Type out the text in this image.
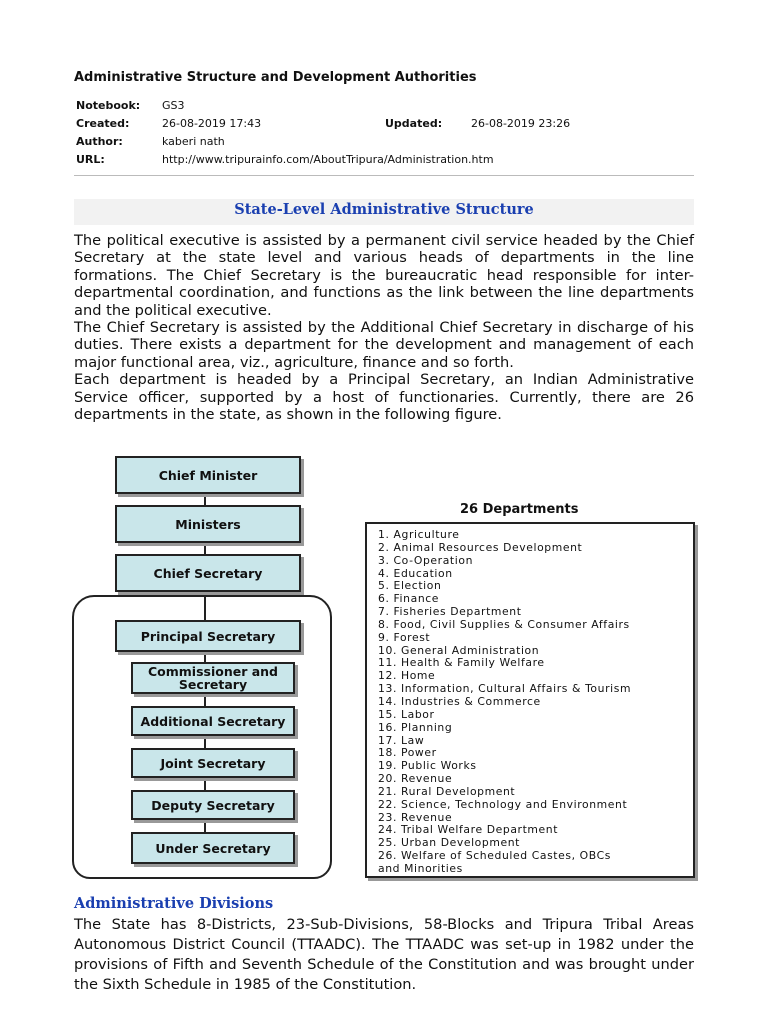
Administrative Structure and Development Authorities
Notebook: GS3
Created:	26-08-2019 17:43	Updated:	26-08-2019 23:26
Author:	kaberi nath
URL:	http://www.tripurainfo.com/AboutTripura/Administration.htm
State-Level Administrative Structure
The political executive is assisted by a permanent civil service headed by the Chief Secretary at the state level and various heads of departments in the line formations. The Chief Secretary is the bureaucratic head responsible for inter-departmental coordination, and functions as the link between the line departments and the political executive.
The Chief Secretary is assisted by the Additional Chief Secretary in discharge of his duties. There exists a department for the development and management of each major functional area, viz., agriculture, finance and so forth.
Each department is headed by a Principal Secretary, an Indian Administrative Service officer, supported by a host of functionaries. Currently, there are 26 departments in the state, as shown in the following figure.
Chief Minister
Ministers
Chief Secretary
Principal Secretary
Commissioner and Secretary
Additional Secretary
Joint Secretary
Deputy Secretary
Under Secretary
26 Departments
1. Agriculture
2. Animal Resources Development
3. Co-Operation
4. Education
5. Election
6. Finance
7. Fisheries Department
8. Food, Civil Supplies & Consumer Affairs
9. Forest
10. General Administration
11. Health & Family Welfare
12. Home
13. Information, Cultural Affairs & Tourism
14. Industries & Commerce
15. Labor
16. Planning
17. Law
18. Power
19. Public Works
20. Revenue
21. Rural Development
22. Science, Technology and Environment
23. Revenue
24. Tribal Welfare Department
25. Urban Development
26. Welfare of Scheduled Castes, OBCs
and Minorities
Administrative Divisions
The State has 8-Districts, 23-Sub-Divisions, 58-Blocks and Tripura Tribal Areas Autonomous District Council (TTAADC). The TTAADC was set-up in 1982 under the provisions of Fifth and Seventh Schedule of the Constitution and was brought under the Sixth Schedule in 1985 of the Constitution.
